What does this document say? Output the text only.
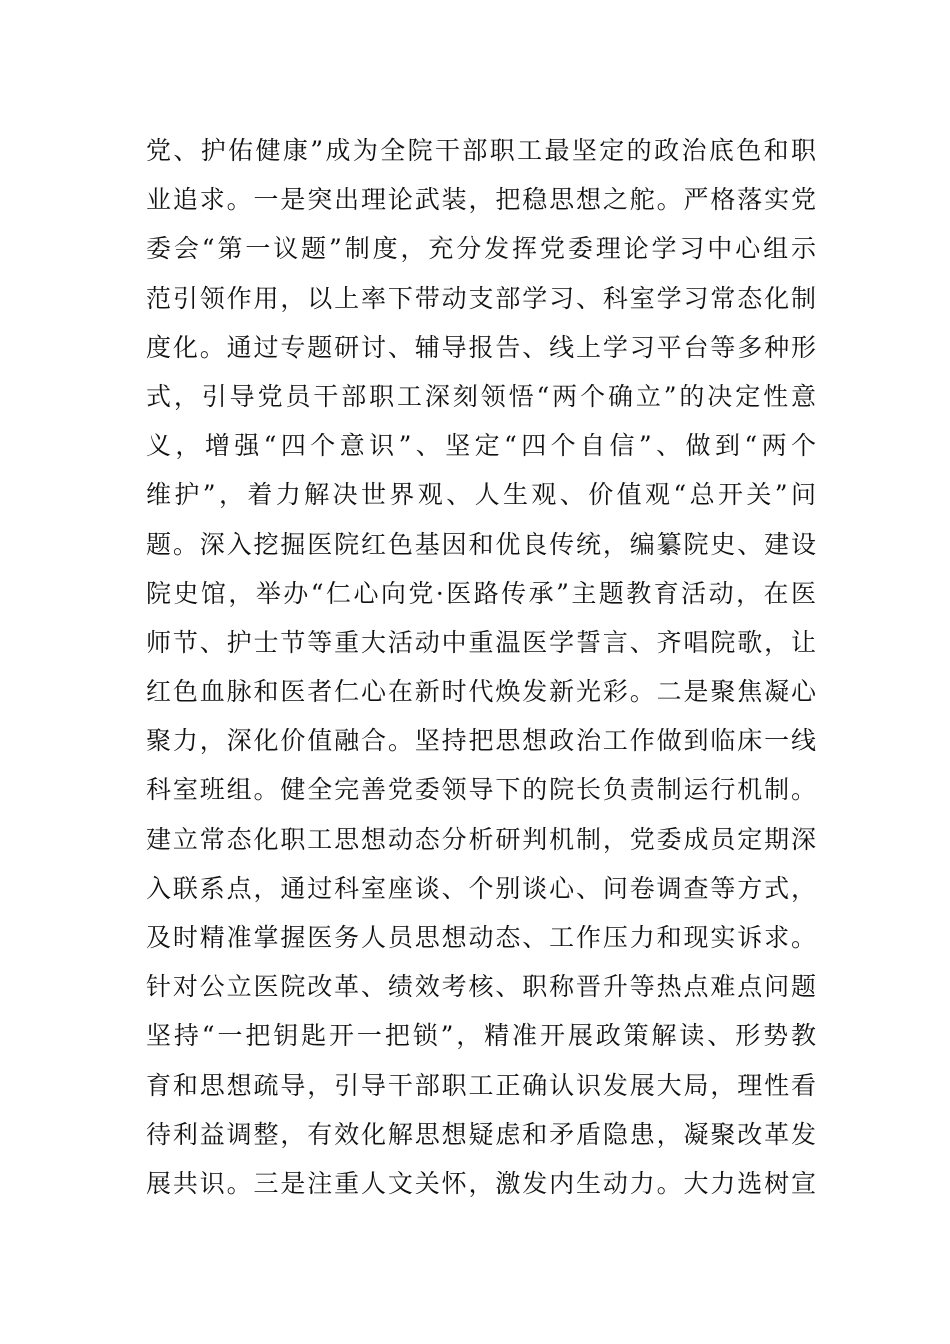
党、护佑健康”成为全院干部职工最坚定的政治底色和职
业追求。一是突出理论武装，把稳思想之舵。严格落实党
委会“第一议题”制度，充分发挥党委理论学习中心组示
范引领作用，以上率下带动支部学习、科室学习常态化制
度化。通过专题研讨、辅导报告、线上学习平台等多种形
式，引导党员干部职工深刻领悟“两个确立”的决定性意
义，增强“四个意识”、坚定“四个自信”、做到“两个
维护”，着力解决世界观、人生观、价值观“总开关”问
题。深入挖掘医院红色基因和优良传统，编纂院史、建设
院史馆，举办“仁心向党·医路传承”主题教育活动，在医
师节、护士节等重大活动中重温医学誓言、齐唱院歌，让
红色血脉和医者仁心在新时代焕发新光彩。二是聚焦凝心
聚力，深化价值融合。坚持把思想政治工作做到临床一线
科室班组。健全完善党委领导下的院长负责制运行机制。
建立常态化职工思想动态分析研判机制，党委成员定期深
入联系点，通过科室座谈、个别谈心、问卷调查等方式，
及时精准掌握医务人员思想动态、工作压力和现实诉求。
针对公立医院改革、绩效考核、职称晋升等热点难点问题
坚持“一把钥匙开一把锁”，精准开展政策解读、形势教
育和思想疏导，引导干部职工正确认识发展大局，理性看
待利益调整，有效化解思想疑虑和矛盾隐患，凝聚改革发
展共识。三是注重人文关怀，激发内生动力。大力选树宣
